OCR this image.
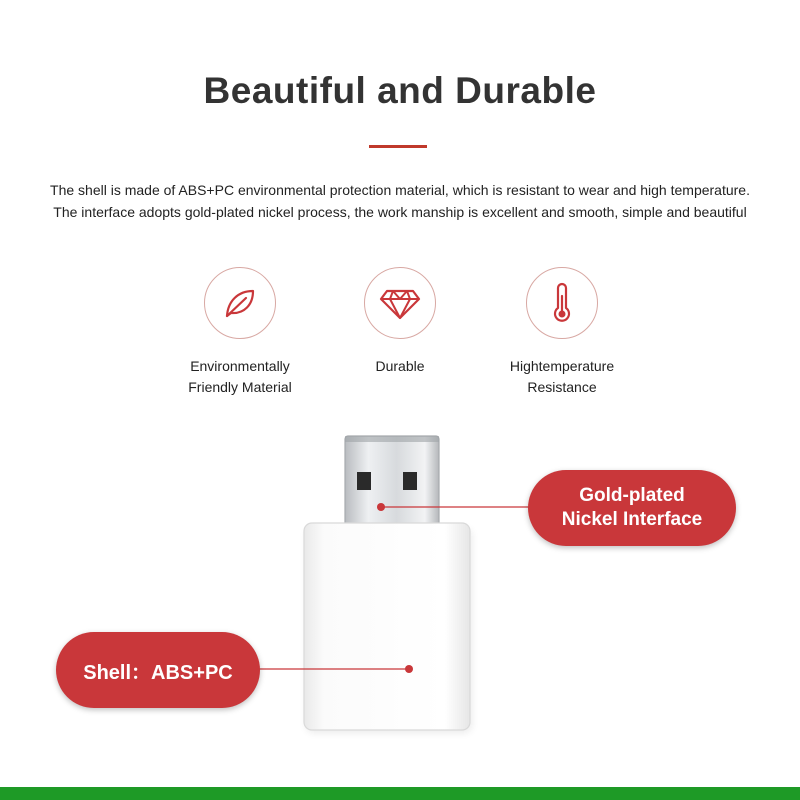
Beautiful and Durable
The shell is made of ABS+PC environmental protection material, which is resistant to wear and high temperature.
The interface adopts gold-plated nickel process, the work manship is excellent and smooth, simple and beautiful
Environmentally
Friendly Material
Durable	Hightemperature
Resistance
Gold-plated
Nickel Interface
Shell：ABS+PC
